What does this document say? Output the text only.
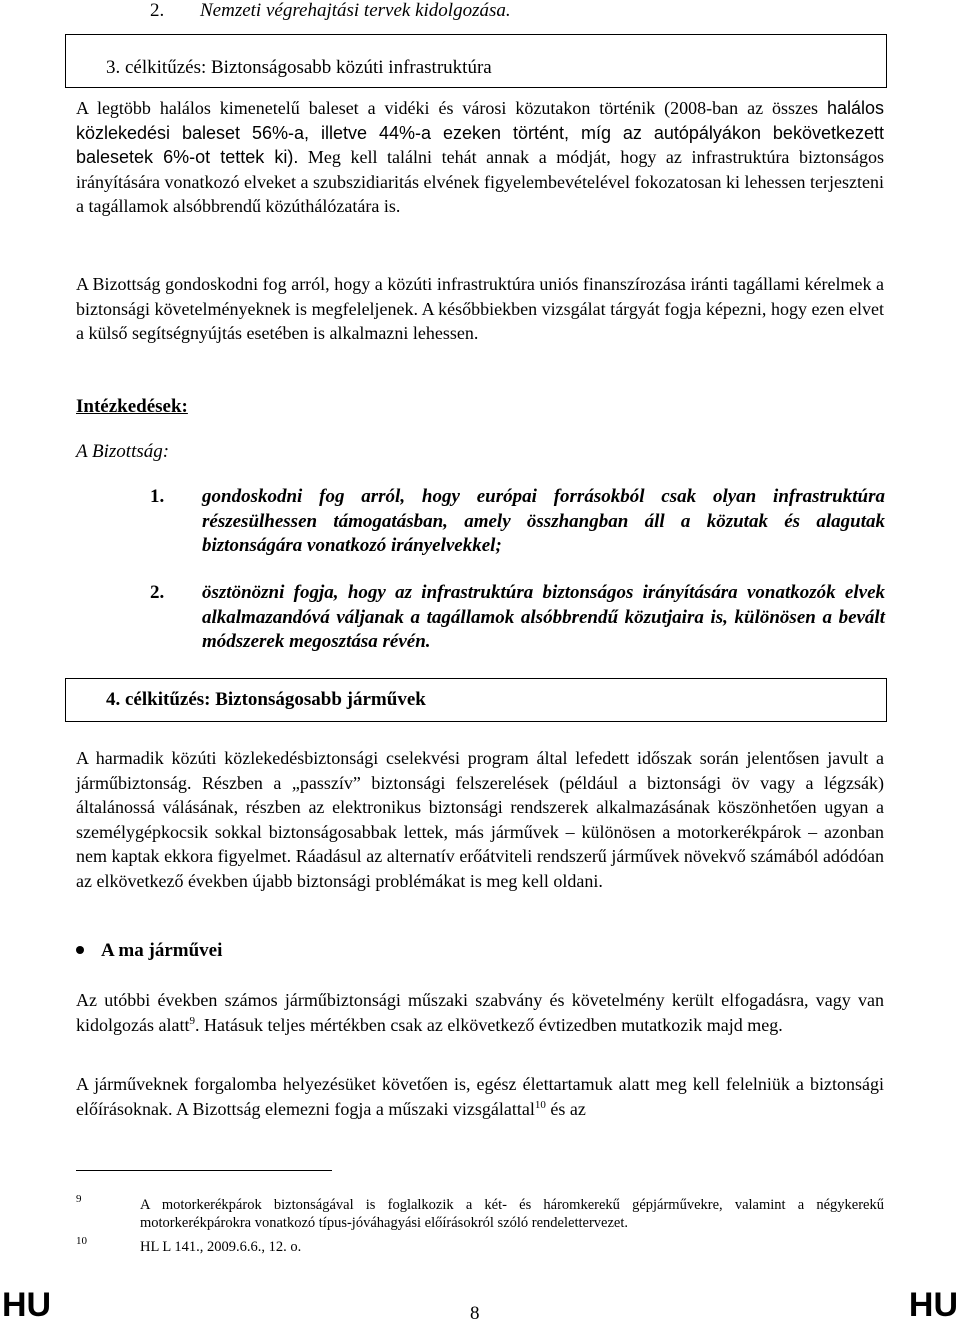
2. Nemzeti végrehajtási tervek kidolgozása.
3. célkitűzés: Biztonságosabb közúti infrastruktúra

A legtöbb halálos kimenetelű baleset a vidéki és városi közutakon történik (2008-ban az összes halálos közlekedési baleset 56%-a, illetve 44%-a ezeken történt, míg az autópályákon bekövetkezett balesetek 6%-ot tettek ki). Meg kell találni tehát annak a módját, hogy az infrastruktúra biztonságos irányítására vonatkozó elveket a szubszidiaritás elvének figyelembevételével fokozatosan ki lehessen terjeszteni a tagállamok alsóbbrendű közúthálózatára is.

A Bizottság gondoskodni fog arról, hogy a közúti infrastruktúra uniós finanszírozása iránti tagállami kérelmek a biztonsági követelményeknek is megfeleljenek. A későbbiekben vizsgálat tárgyát fogja képezni, hogy ezen elvet a külső segítségnyújtás esetében is alkalmazni lehessen.

Intézkedések:
A Bizottság:
1. gondoskodni fog arról, hogy európai forrásokból csak olyan infrastruktúra részesülhessen támogatásban, amely összhangban áll a közutak és alagutak biztonságára vonatkozó irányelvekkel;
2. ösztönözni fogja, hogy az infrastruktúra biztonságos irányítására vonatkozók elvek alkalmazandóvá váljanak a tagállamok alsóbbrendű közutjaira is, különösen a bevált módszerek megosztása révén.
4. célkitűzés: Biztonságosabb járművek

A harmadik közúti közlekedésbiztonsági cselekvési program által lefedett időszak során jelentősen javult a járműbiztonság. Részben a „passzív” biztonsági felszerelések (például a biztonsági öv vagy a légzsák) általánossá válásának, részben az elektronikus biztonsági rendszerek alkalmazásának köszönhetően ugyan a személygépkocsik sokkal biztonságosabbak lettek, más járművek – különösen a motorkerékpárok – azonban nem kaptak ekkora figyelmet. Ráadásul az alternatív erőátviteli rendszerű járművek növekvő számából adódóan az elkövetkező években újabb biztonsági problémákat is meg kell oldani.

A ma járművei

Az utóbbi években számos járműbiztonsági műszaki szabvány és követelmény került elfogadásra, vagy van kidolgozás alatt$^9$. Hatásuk teljes mértékben csak az elkövetkező évtizedben mutatkozik majd meg.

A járműveknek forgalomba helyezésüket követően is, egész élettartamuk alatt meg kell felelniük a biztonsági előírásoknak. A Bizottság elemezni fogja a műszaki vizsgálattal$^{10}$ és az

9	A motorkerékpárok biztonságával is foglalkozik a két- és háromkerekű gépjárművekre, valamint a négykerekű motorkerékpárokra vonatkozó típus-jóváhagyási előírásokról szóló rendelettervezet.
10	HL L 141., 2009.6.6., 12. o.
HU	8	HU
